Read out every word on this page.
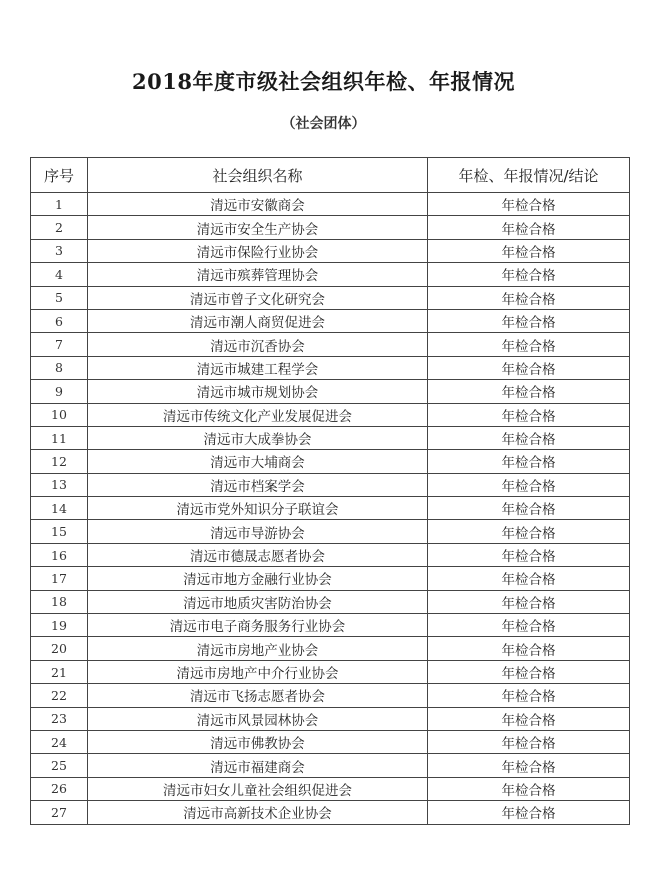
2018年度市级社会组织年检、年报情况
（社会团体）
序号	社会组织名称	年检、年报情况/结论
1	清远市安徽商会	年检合格
2	清远市安全生产协会	年检合格
3	清远市保险行业协会	年检合格
4	清远市殡葬管理协会	年检合格
5	清远市曾子文化研究会	年检合格
6	清远市潮人商贸促进会	年检合格
7	清远市沉香协会	年检合格
8	清远市城建工程学会	年检合格
9	清远市城市规划协会	年检合格
10	清远市传统文化产业发展促进会	年检合格
11	清远市大成拳协会	年检合格
12	清远市大埔商会	年检合格
13	清远市档案学会	年检合格
14	清远市党外知识分子联谊会	年检合格
15	清远市导游协会	年检合格
16	清远市德晟志愿者协会	年检合格
17	清远市地方金融行业协会	年检合格
18	清远市地质灾害防治协会	年检合格
19	清远市电子商务服务行业协会	年检合格
20	清远市房地产业协会	年检合格
21	清远市房地产中介行业协会	年检合格
22	清远市飞扬志愿者协会	年检合格
23	清远市风景园林协会	年检合格
24	清远市佛教协会	年检合格
25	清远市福建商会	年检合格
26	清远市妇女儿童社会组织促进会	年检合格
27	清远市高新技术企业协会	年检合格
